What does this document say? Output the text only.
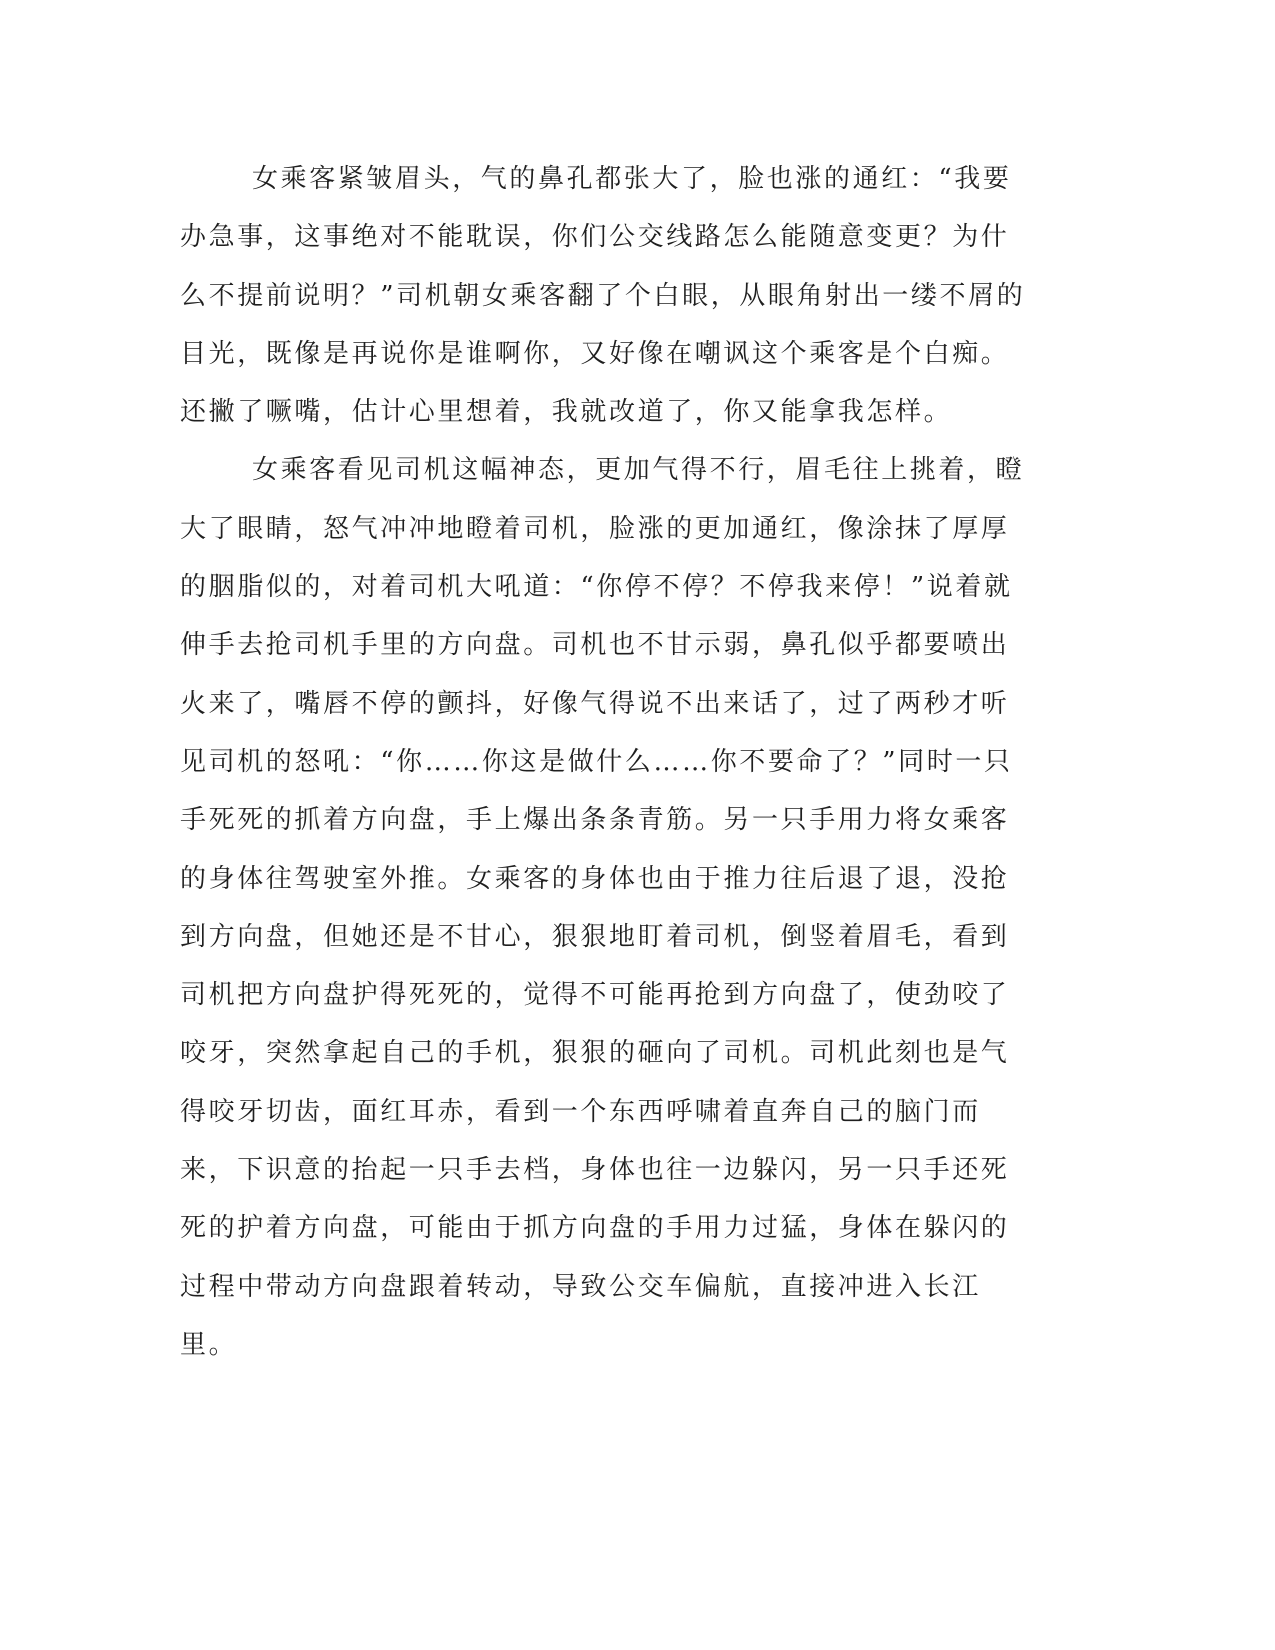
女乘客紧皱眉头，气的鼻孔都张大了，脸也涨的通红：“我要办急事，这事绝对不能耽误，你们公交线路怎么能随意变更？为什么不提前说明？”司机朝女乘客翻了个白眼，从眼角射出一缕不屑的目光，既像是再说你是谁啊你，又好像在嘲讽这个乘客是个白痴。还撇了噘嘴，估计心里想着，我就改道了，你又能拿我怎样。

女乘客看见司机这幅神态，更加气得不行，眉毛往上挑着，瞪大了眼睛，怒气冲冲地瞪着司机，脸涨的更加通红，像涂抹了厚厚的胭脂似的，对着司机大吼道：“你停不停？不停我来停！”说着就伸手去抢司机手里的方向盘。司机也不甘示弱，鼻孔似乎都要喷出火来了，嘴唇不停的颤抖，好像气得说不出来话了，过了两秒才听见司机的怒吼：“你……你这是做什么……你不要命了？”同时一只手死死的抓着方向盘，手上爆出条条青筋。另一只手用力将女乘客的身体往驾驶室外推。女乘客的身体也由于推力往后退了退，没抢到方向盘，但她还是不甘心，狠狠地盯着司机，倒竖着眉毛，看到司机把方向盘护得死死的，觉得不可能再抢到方向盘了，使劲咬了咬牙，突然拿起自己的手机，狠狠的砸向了司机。司机此刻也是气得咬牙切齿，面红耳赤，看到一个东西呼啸着直奔自己的脑门而来，下识意的抬起一只手去档，身体也往一边躲闪，另一只手还死死的护着方向盘，可能由于抓方向盘的手用力过猛，身体在躲闪的过程中带动方向盘跟着转动，导致公交车偏航，直接冲进入长江里。
